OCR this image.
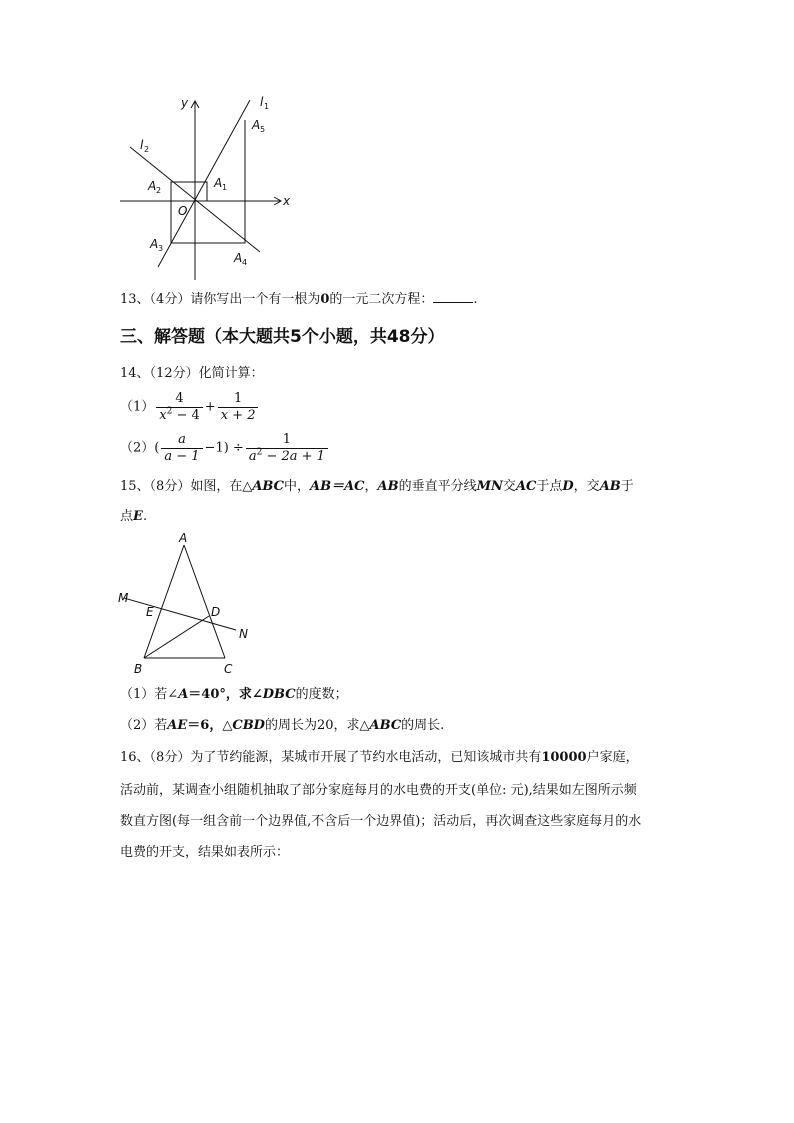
y
x
O
l 1
l 2
A 5
A 1
A 2
A 3
A 4
13、（4分）请你写出一个有一根为0的一元二次方程：	.
三、解答题（本大题共5个小题，共48分）
14、（12分）化简计算：
$(1) \frac{4}{x^2 - 4} + \frac{1}{x + 2}$
$(2)( \frac{a}{a - 1} -1) \div \frac{1}{a^2 - 2a + 1}$
15、（8分）如图，在△ABC中，AB＝AC，AB的垂直平分线MN交AC于点D，交AB于
点E.
A
B	C
D
E
M
N
（1）若∠A＝40°，求∠DBC的度数；
（2）若AE＝6，△CBD的周长为20，求△ABC的周长.
16、（8分）为了节约能源，某城市开展了节约水电活动，已知该城市共有10000户家庭，
活动前，某调查小组随机抽取了部分家庭每月的水电费的开支(单位: 元),结果如左图所示频
数直方图(每一组含前一个边界值,不含后一个边界值)；活动后，再次调查这些家庭每月的水
电费的开支，结果如表所示：
